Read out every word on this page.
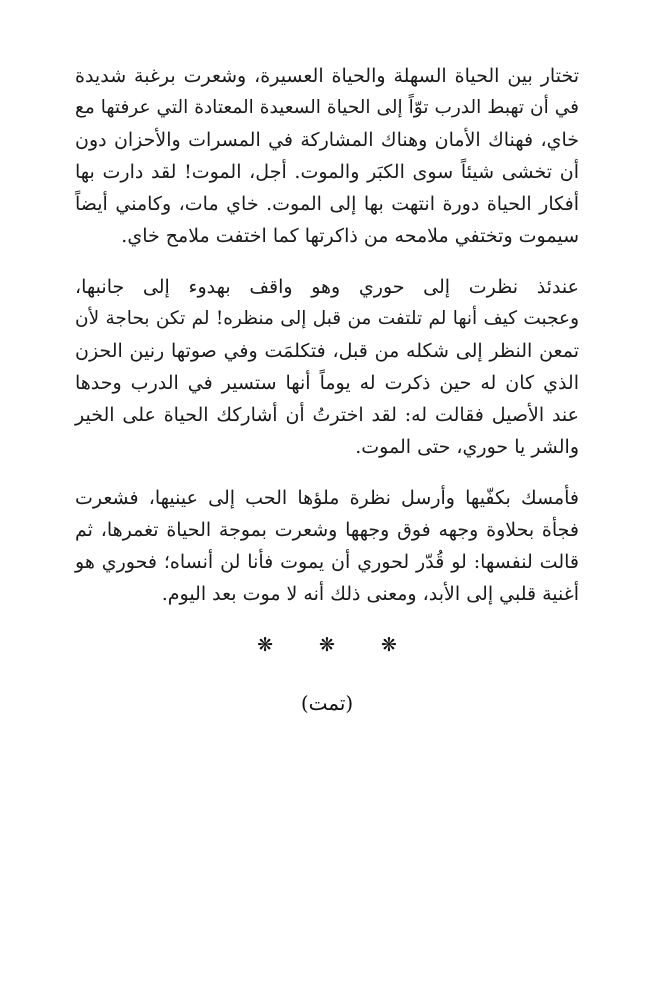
تختار بين الحياة السهلة والحياة العسيرة، وشعرت برغبة شديدة
في أن تهبط الدرب توّاً إلى الحياة السعيدة المعتادة التي عرفتها مع
خاي، فهناك الأمان وهناك المشاركة في المسرات والأحزان دون
أن تخشى شيئاً سوى الكبَر والموت. أجل، الموت! لقد دارت بها
أفكار الحياة دورة انتهت بها إلى الموت. خاي مات، وكامني أيضاً
سيموت وتختفي ملامحه من ذاكرتها كما اختفت ملامح خاي.
عندئذ نظرت إلى حوري وهو واقف بهدوء إلى جانبها،
وعجبت كيف أنها لم تلتفت من قبل إلى منظره! لم تكن بحاجة لأن
تمعن النظر إلى شكله من قبل، فتكلمَت وفي صوتها رنين الحزن
الذي كان له حين ذكرت له يوماً أنها ستسير في الدرب وحدها
عند الأصيل فقالت له: لقد اخترتُ أن أشاركك الحياة على الخير
والشر يا حوري، حتى الموت.
فأمسك بكفّيها وأرسل نظرة ملؤها الحب إلى عينيها، فشعرت
فجأة بحلاوة وجهه فوق وجهها وشعرت بموجة الحياة تغمرها، ثم
قالت لنفسها: لو قُدّر لحوري أن يموت فأنا لن أنساه؛ فحوري هو
أغنية قلبي إلى الأبد، ومعنى ذلك أنه لا موت بعد اليوم.
❋ ❋ ❋
(تمت)
